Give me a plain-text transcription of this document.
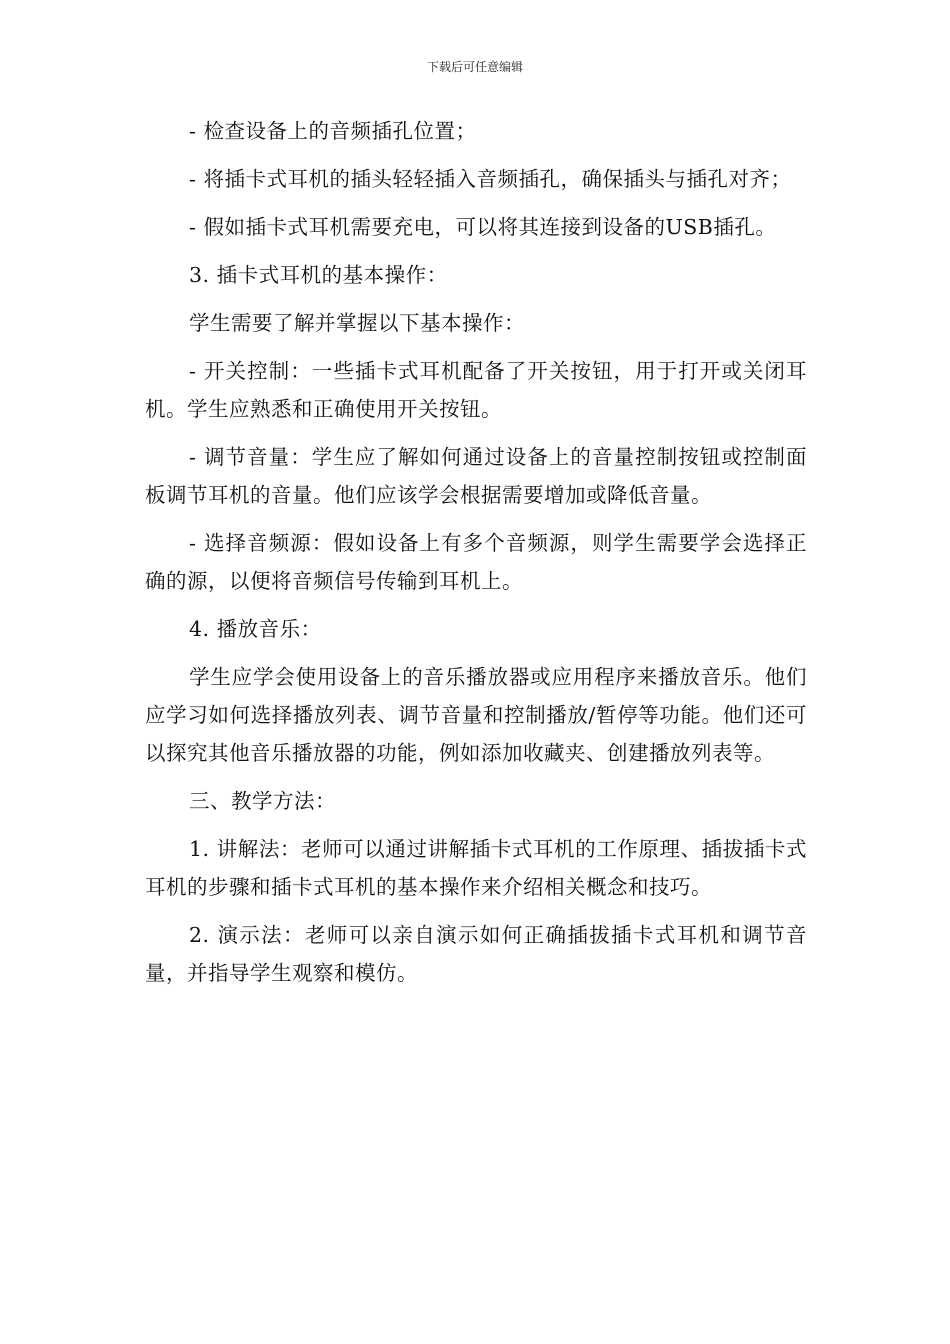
下载后可任意编辑

- 检查设备上的音频插孔位置；

- 将插卡式耳机的插头轻轻插入音频插孔，确保插头与插孔对齐；

- 假如插卡式耳机需要充电，可以将其连接到设备的USB插孔。

3. 插卡式耳机的基本操作：

学生需要了解并掌握以下基本操作：

- 开关控制：一些插卡式耳机配备了开关按钮，用于打开或关闭耳机。学生应熟悉和正确使用开关按钮。

- 调节音量：学生应了解如何通过设备上的音量控制按钮或控制面板调节耳机的音量。他们应该学会根据需要增加或降低音量。

- 选择音频源：假如设备上有多个音频源，则学生需要学会选择正确的源，以便将音频信号传输到耳机上。

4. 播放音乐：

学生应学会使用设备上的音乐播放器或应用程序来播放音乐。他们应学习如何选择播放列表、调节音量和控制播放/暂停等功能。他们还可以探究其他音乐播放器的功能，例如添加收藏夹、创建播放列表等。

三、教学方法：

1. 讲解法：老师可以通过讲解插卡式耳机的工作原理、插拔插卡式耳机的步骤和插卡式耳机的基本操作来介绍相关概念和技巧。

2. 演示法：老师可以亲自演示如何正确插拔插卡式耳机和调节音量，并指导学生观察和模仿。
